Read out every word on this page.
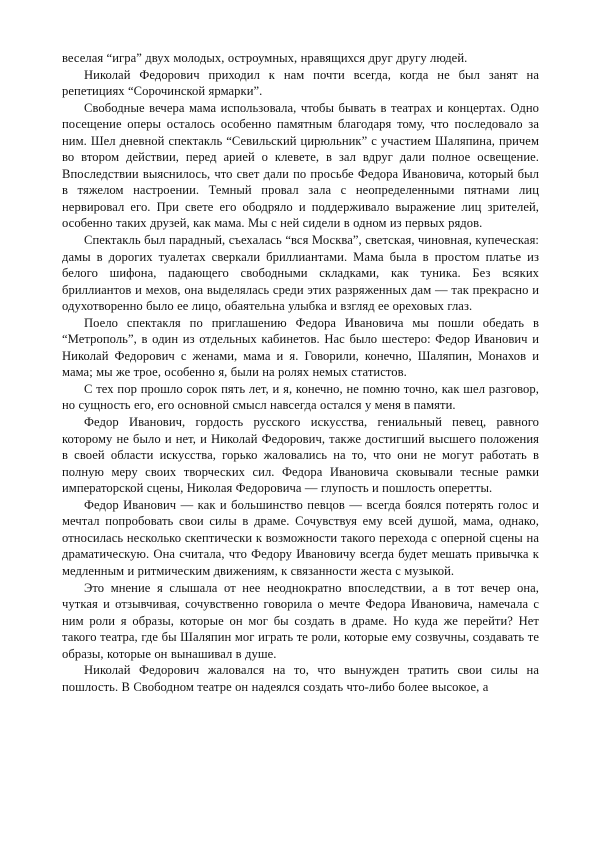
веселая “игра” двух молодых, остроумных, нравящихся друг другу людей.

Николай Федорович приходил к нам почти всегда, когда не был занят на репетициях “Сорочинской ярмарки”.

Свободные вечера мама использовала, чтобы бывать в театрах и концертах. Одно посещение оперы осталось особенно памятным благодаря тому, что последовало за ним. Шел дневной спектакль “Севильский цирюльник” с участием Шаляпина, причем во втором действии, перед арией о клевете, в зал вдруг дали полное освещение. Впоследствии выяснилось, что свет дали по просьбе Федора Ивановича, который был в тяжелом настроении. Темный провал зала с неопределенными пятнами лиц нервировал его. При свете его ободряло и поддерживало выражение лиц зрителей, особенно таких друзей, как мама. Мы с ней сидели в одном из первых рядов.

Спектакль был парадный, съехалась “вся Москва”, светская, чиновная, купеческая: дамы в дорогих туалетах сверкали бриллиантами. Мама была в простом платье из белого шифона, падающего свободными складками, как туника. Без всяких бриллиантов и мехов, она выделялась среди этих разряженных дам — так прекрасно и одухотворенно было ее лицо, обаятельна улыбка и взгляд ее ореховых глаз.

Поело спектакля по приглашению Федора Ивановича мы пошли обедать в “Метрополь”, в один из отдельных кабинетов. Нас было шестеро: Федор Иванович и Николай Федорович с женами, мама и я. Говорили, конечно, Шаляпин, Монахов и мама; мы же трое, особенно я, были на ролях немых статистов.

С тех пор прошло сорок пять лет, и я, конечно, не помню точно, как шел разговор, но сущность его, его основной смысл навсегда остался у меня в памяти.

Федор Иванович, гордость русского искусства, гениальный певец, равного которому не было и нет, и Николай Федорович, также достигший высшего положения в своей области искусства, горько жаловались на то, что они не могут работать в полную меру своих творческих сил. Федора Ивановича сковывали тесные рамки императорской сцены, Николая Федоровича — глупость и пошлость оперетты.

Федор Иванович — как и большинство певцов — всегда боялся потерять голос и мечтал попробовать свои силы в драме. Сочувствуя ему всей душой, мама, однако, относилась несколько скептически к возможности такого перехода с оперной сцены на драматическую. Она считала, что Федору Ивановичу всегда будет мешать привычка к медленным и ритмическим движениям, к связанности жеста с музыкой.

Это мнение я слышала от нее неоднократно впоследствии, а в тот вечер она, чуткая и отзывчивая, сочувственно говорила о мечте Федора Ивановича, намечала с ним роли я образы, которые он мог бы создать в драме. Но куда же перейти? Нет такого театра, где бы Шаляпин мог играть те роли, которые ему созвучны, создавать те образы, которые он вынашивал в душе.

Николай Федорович жаловался на то, что вынужден тратить свои силы на пошлость. В Свободном театре он надеялся создать что-либо более высокое, а
